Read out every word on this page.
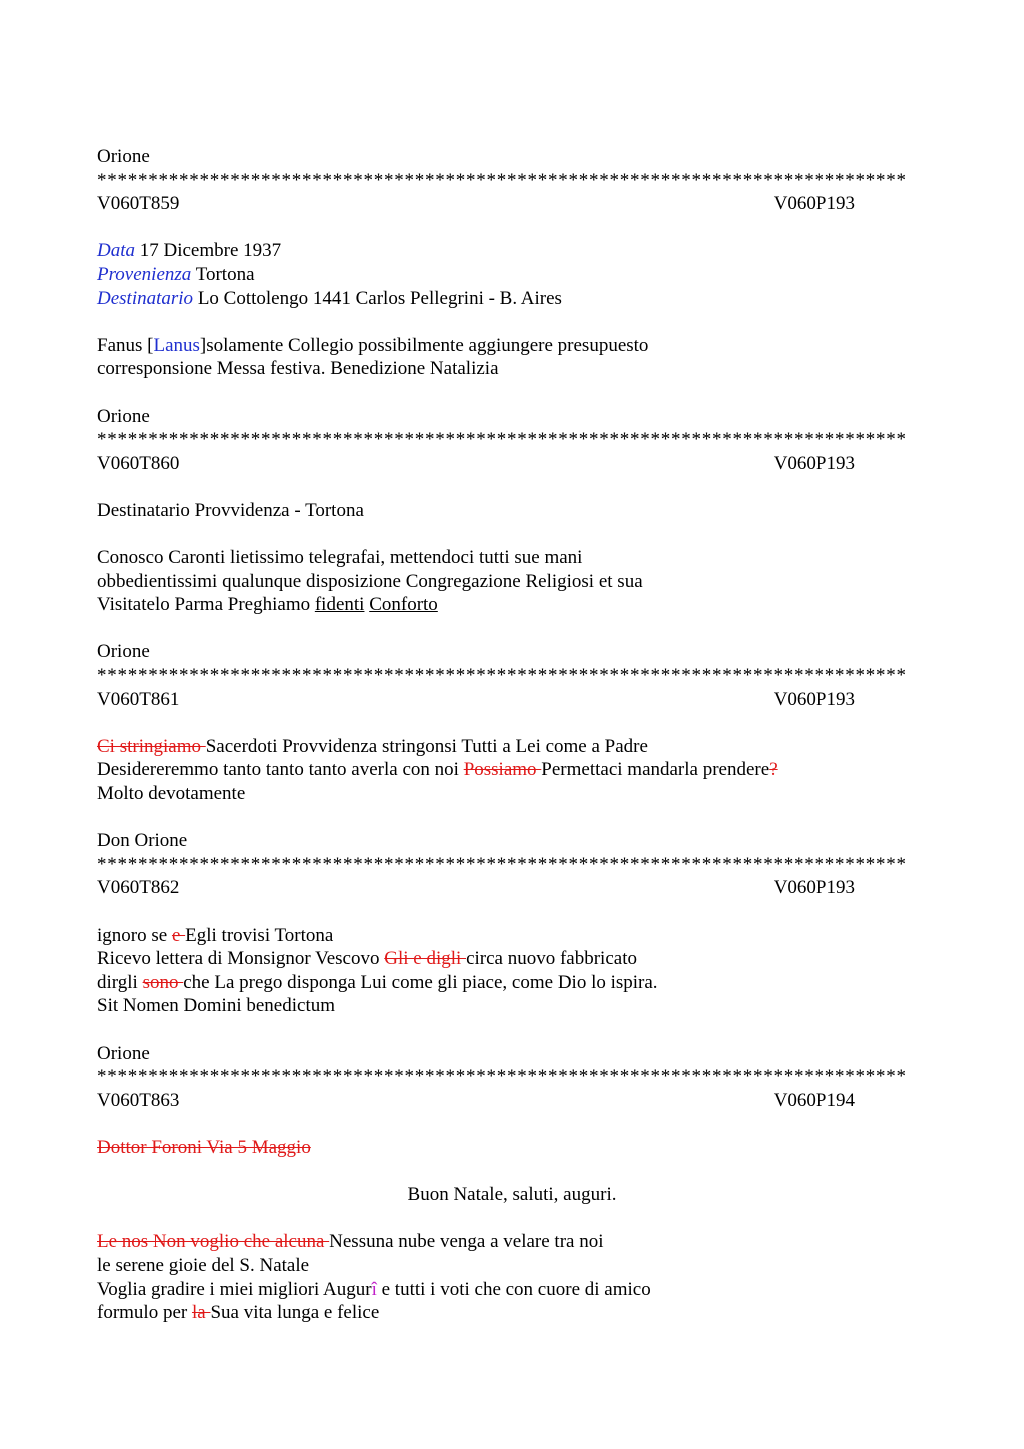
Orione
*******************************************************************************
V060T859	V060P193
Data 17 Dicembre 1937
Provenienza Tortona
Destinatario Lo Cottolengo 1441 Carlos Pellegrini - B. Aires
Fanus [Lanus]solamente Collegio possibilmente aggiungere presupuesto
corresponsione Messa festiva. Benedizione Natalizia
Orione
*******************************************************************************
V060T860	V060P193
Destinatario Provvidenza - Tortona
Conosco Caronti lietissimo telegrafai, mettendoci tutti sue mani
obbedientissimi qualunque disposizione Congregazione Religiosi et sua
Visitatelo Parma Preghiamo fidenti Conforto
Orione
*******************************************************************************
V060T861	V060P193
Ci stringiamo Sacerdoti Provvidenza stringonsi Tutti a Lei come a Padre
Desidereremmo tanto tanto tanto averla con noi Possiamo Permettaci mandarla prendere?
Molto devotamente
Don Orione
*******************************************************************************
V060T862	V060P193
ignoro se e Egli trovisi Tortona
Ricevo lettera di Monsignor Vescovo Gli e digli circa nuovo fabbricato
dirgli sono che La prego disponga Lui come gli piace, come Dio lo ispira.
Sit Nomen Domini benedictum
Orione
*******************************************************************************
V060T863	V060P194
Dottor Foroni Via 5 Maggio
Buon Natale, saluti, auguri.
Le nos Non voglio che alcuna Nessuna nube venga a velare tra noi
le serene gioie del S. Natale
Voglia gradire i miei migliori Augurî e tutti i voti che con cuore di amico
formulo per la Sua vita lunga e felice
